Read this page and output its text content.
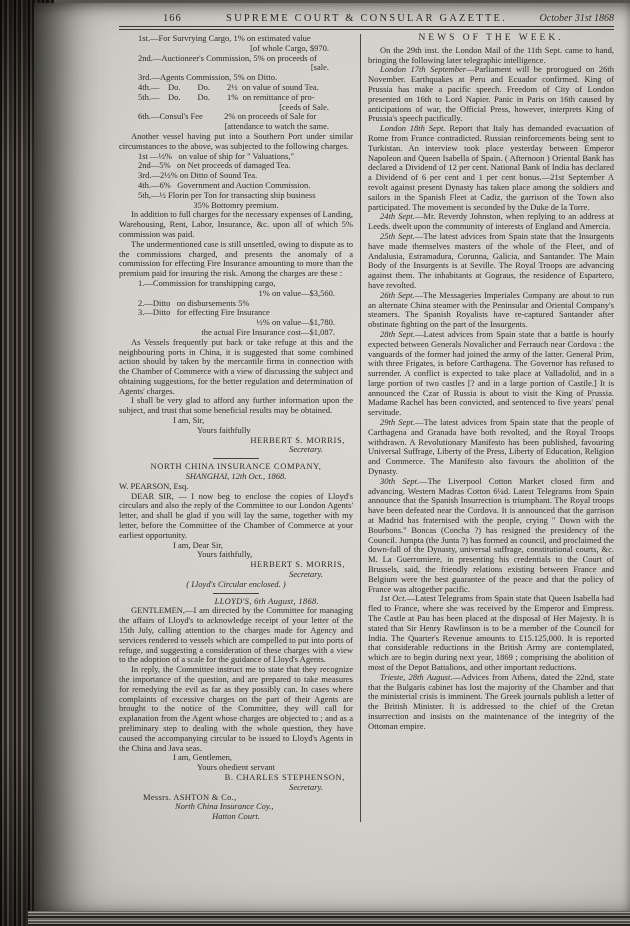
166	SUPREME COURT & CONSULAR GAZETTE.	October 31st 1868
1st.—For Survrying Cargo, 1% on estimated value
[of whole Cargo, $970.
2nd.—Auctioneer's Commission, 5% on proceeds of
[sale.
3rd.—Agents Commission, 5% on Ditto.
4th.—    Do.        Do.        2½  on value of sound Tea.
5th.—    Do.        Do.        1%  on remittance of pro-
[ceeds of Sale.
6th.—Consul's Fee          2% on proceeds of Sale for
[attendance to watch the same.

Another vessel having put into a Southern Port under similar circumstances to the above, was subjected to the following charges.

1st —½%   on value of ship for " Valuations,"
2nd—5%   on Net proceeds of damaged Tea.
3rd.—2½% on Ditto of Sound Tea.
4th.—6%   Government and Auction Commission.
5th,—½ Florin per Ton for transacting ship business
35% Bottomry premium.

In addition to full charges for the necessary expenses of Landing, Warehousing, Rent, Labor, Insurance, &c. upon all of which 5% commission was paid.

The undermentioned case is still unsettled, owing to dispute as to the commissions charged, and presents the anomaly of a commission for effecting Fire Insurance amounting to more than the premium paid for insuring the risk. Among the charges are these :

1.—Commission for transhipping cargo,
1% on value—$3,560.
2.—Ditto   on disbursements 5%
3.—Ditto   for effecting Fire Insurance
½% on value—$1,780.
the actual Fire Insurance cost—$1,087.

As Vessels frequently put back or take refuge at this and the neighbouring ports in China, it is suggested that some combined action should by taken by the mercantile firms in connection with the Chamber of Commerce with a view of discussing the subject and obtaining suggestions, for the better regulation and determination of Agents' charges.

I shall be very glad to afford any further information upon the subject, and trust that some beneficial results may be obtained.

I am, Sir,
Yours faithfully
HERBERT S. MORRIS,
Secretary.
NORTH CHINA INSURANCE COMPANY,
SHANGHAI, 12th Oct., 1868.
W. PEARSON, Esq.

DEAR SIR, — I now beg to enclose the copies of Lloyd's circulars and also the reply of the Committee to our London Agents' letter, and shall be glad if you will lay the same, together with my letter, before the Committee of the Chamber of Commerce at your earliest opportunity.

I am, Dear Sir,
Yours faithfully,
HERBERT S. MORRIS,
Secretary.
( Lloyd's Circular enclosed. )
LLOYD'S, 6th August, 1868.

GENTLEMEN,—I am directed by the Committee for managing the affairs of Lloyd's to acknowledge receipt of your letter of the 15th July, calling attention to the charges made for Agency and services rendered to vessels which are compelled to put into ports of refuge, and suggesting a consideration of these charges with a view to the adoption of a scale for the guidance of Lloyd's Agents.

In reply, the Committee instruct me to state that they recognize the importance of the question, and are prepared to take measures for remedying the evil as far as they possibly can. In cases where complaints of excessive charges on the part of their Agents are brought to the notice of the Committee, they will call for explanation from the Agent whose charges are objected to ; and as a preliminary step to dealing with the whole question, they have caused the accompanying circular to be issued to Lloyd's Agents in the China and Java seas.

I am, Gentlemen,
Yours obedient servant
B. CHARLES STEPHENSON,
Secretary.
Messrs. ASHTON & Co.,
North China Insurance Coy.,
Hatton Court.
NEWS OF THE WEEK.

On the 29th inst. the London Mail of the 11th Sept. came to hand, bringing the following later telegraphic intelligence.

London 17th September—Parliament will be prorogued on 26th November. Earthquakes at Peru and Ecuador confirmed. King of Prussia has make a pacific speech. Freedom of City of London presented on 16th to Lord Napier. Panic in Paris on 16th caused by anticipations of war, the Official Press, however, interprets King of Prussia's speech pacifically.

London 18th Sept. Report that Italy has demanded evacuation of Rome from France contradicted. Russian reinforcements being sent to Turkistan. An interview took place yesterday between Emperor Napoleon and Queen Isabella of Spain. ( Afternoon ) Oriental Bank has declared a Dividend of 12 per cent. National Bank of India has declared a Dividend of 6 per cent and 1 per cent bonus.—21st September A revolt against present Dynasty has taken place among the soldiers and sailors in the Spanish Fleet at Cadiz, the garrison of the Town also participated. The movement is seconded by the Duke de la Torre.

24th Sept.—Mr. Reverdy Johnston, when replying to an address at Leeds. dwelt upon the community of interests of England and Amercia.

25th Sept.—The latest advices from Spain state that the Insurgents have made themselves masters of the whole of the Fleet, and of Andalusia, Estramadura, Corunna, Galicia, and Santander. The Main Body of the Insurgents is at Seville. The Royal Troops are advancing against them. The inhabitants at Gograus, the residence of Espartero, have revolted.

26th Sept.—The Messageries Imperiales Company are about to run an alternate China steamer with the Peninsular and Oriental Company's steamers. The Spanish Royalists have re-captured Santander after obstinate fighting on the part of the Insurgents.

28th Sept.—Latest advices from Spain state that a battle is hourly expected between Generals Novalicher and Ferrauch near Cordova : the vanguards of the former had joined the army of the latter. General Prim, with three Frigates, is before Carthagena. The Governor has refused to surrender. A conflict is expected to take place at Valladolid, and in a large portion of two castles [? and in a large portion of Castile.] It is announced the Czar of Russia is about to visit the King of Prussia. Madame Rachel has been convicted, and sentenced to five years' penal servitude.

29th Sept.—The latest advices from Spain state that the people of Carthagena and Granada have both revolted, and the Royal Troops withdrawn. A Revolutionary Manifesto has been published, favouring Universal Suffrage, Liberty of the Press, Liberty of Education, Religion and Commerce. The Manifesto also favours the abolition of the Dynasty.

30th Sept.—The Liverpool Cotton Market closed firm and advancing. Western Madras Cotton 6¼d. Latest Telegrams from Spain announce that the Spanish Insurrection is triumphant. The Royal troops have been defeated near the Cordova. It is announced that the garrison at Madrid has fraternised with the people, crying " Down with the Bourbons." Boncas (Concha ?) has resigned the presidency of the Council. Jumpta (the Junta ?) has formed as council, and proclaimed the down-fall of the Dynasty, universal suffrage, constitutional courts, &c. M. La Guerromiere, in presenting his credentials to the Court of Brussels, said, the friendly relations existing between France and Belgium were the best guarantee of the peace and that the policy of France was altogether pacific.

1st Oct.—Latest Telegrams from Spain state that Queen Isabella had fled to France, where she was received by the Emperor and Empress. The Castle at Pau has been placed at the disposal of Her Majesty. It is stated that Sir Henry Rawlinson is to be a member of the Council for India. The Quarter's Revenue amounts to £15.125,000. It is reported that considerable reductions in the British Army are contemplated, which are to begin during next year, 1869 ; comprising the abolition of most of the Depot Battalions, and other important reductions.

Trieste, 28th August.—Advices from Athens, dated the 22nd, state that the Bulgaris cabinet has lost the majority of the Chamber and that the ministerial crisis is imminent. The Greek journals publish a letter of the British Minister. It is addressed to the chief of the Cretan insurrection and insists on the maintenance of the integrity of the Ottoman empire.
